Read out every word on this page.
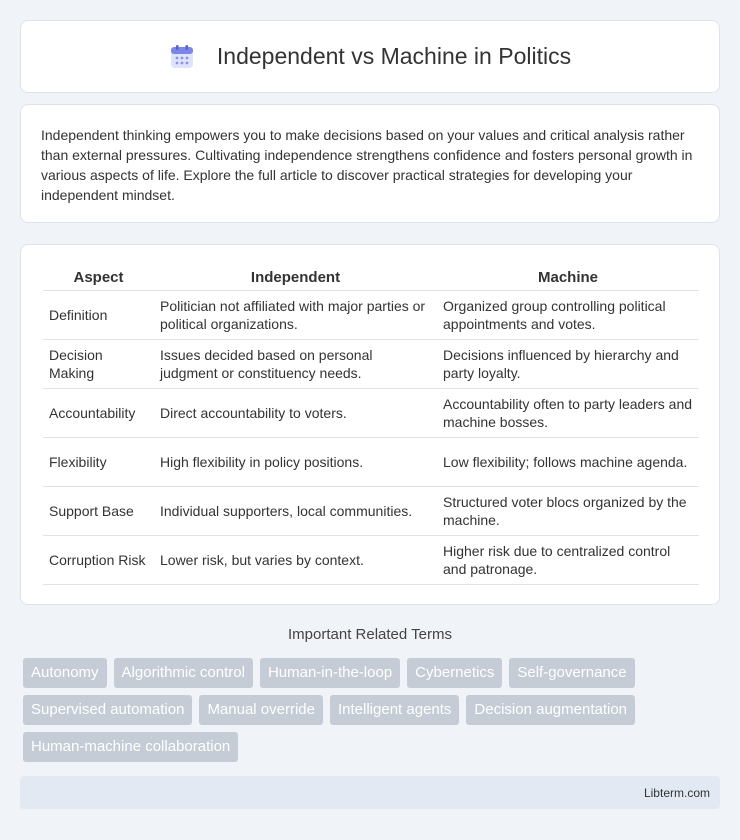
Independent vs Machine in Politics

Independent thinking empowers you to make decisions based on your values and critical analysis rather than external pressures. Cultivating independence strengthens confidence and fosters personal growth in various aspects of life. Explore the full article to discover practical strategies for developing your independent mindset.

Aspect	Independent	Machine
Definition	Politician not affiliated with major parties or political organizations.	Organized group controlling political appointments and votes.
Decision Making	Issues decided based on personal judgment or constituency needs.	Decisions influenced by hierarchy and party loyalty.
Accountability	Direct accountability to voters.	Accountability often to party leaders and machine bosses.
Flexibility	High flexibility in policy positions.	Low flexibility; follows machine agenda.
Support Base	Individual supporters, local communities.	Structured voter blocs organized by the machine.
Corruption Risk	Lower risk, but varies by context.	Higher risk due to centralized control and patronage.
Important Related Terms
Autonomy	Algorithmic control	Human-in-the-loop	Cybernetics	Self-governance
Supervised automation	Manual override	Intelligent agents	Decision augmentation
Human-machine collaboration
Libterm.com
